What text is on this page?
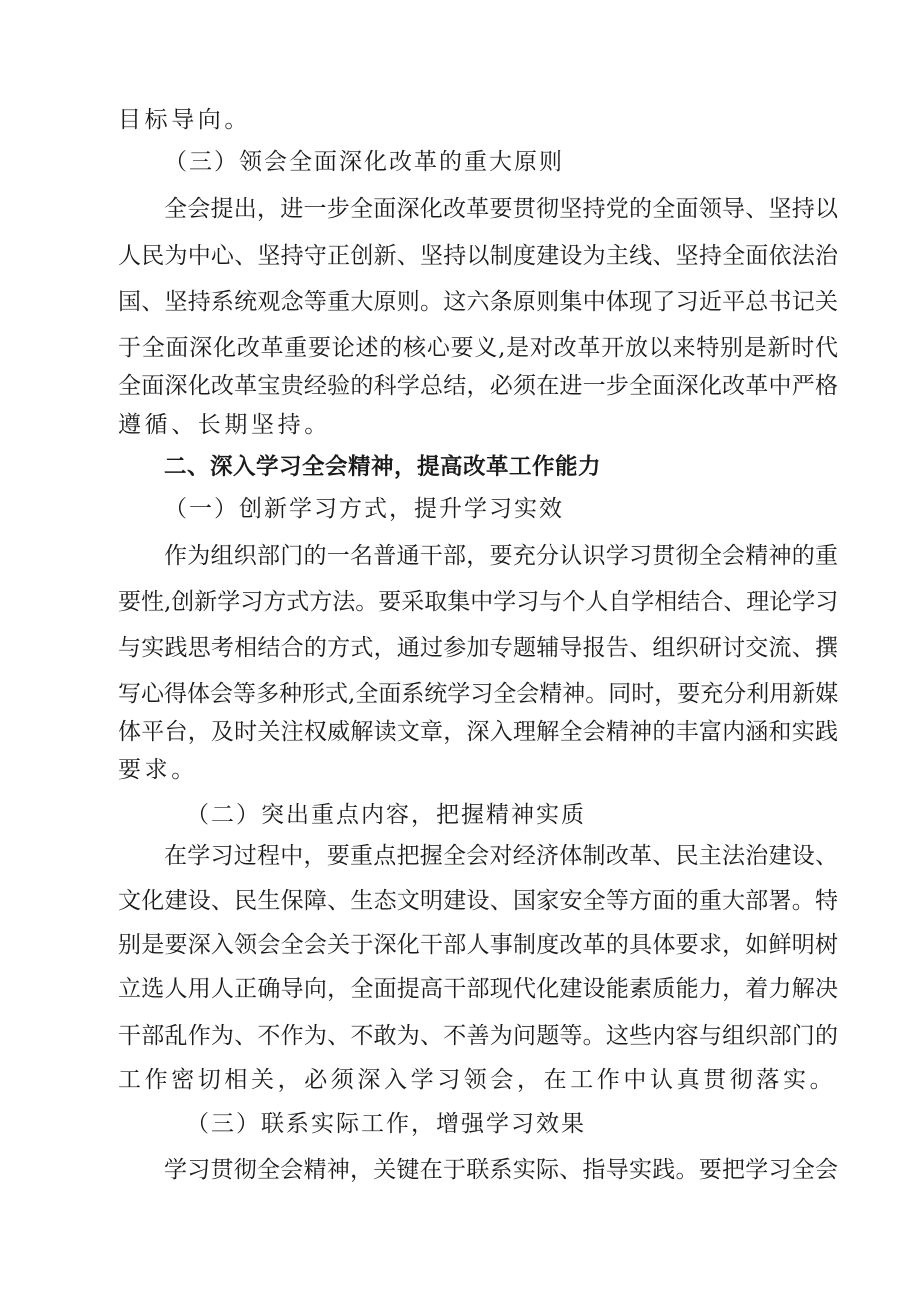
目标导向。
（三）领会全面深化改革的重大原则
全会提出，进一步全面深化改革要贯彻坚持党的全面领导、坚持以
人民为中心、坚持守正创新、坚持以制度建设为主线、坚持全面依法治
国、坚持系统观念等重大原则。这六条原则集中体现了习近平总书记关
于全面深化改革重要论述的核心要义,是对改革开放以来特别是新时代
全面深化改革宝贵经验的科学总结，必须在进一步全面深化改革中严格
遵循、长期坚持。
二、深入学习全会精神，提高改革工作能力
（一）创新学习方式，提升学习实效
作为组织部门的一名普通干部，要充分认识学习贯彻全会精神的重
要性,创新学习方式方法。要采取集中学习与个人自学相结合、理论学习
与实践思考相结合的方式，通过参加专题辅导报告、组织研讨交流、撰
写心得体会等多种形式,全面系统学习全会精神。同时，要充分利用新媒
体平台，及时关注权威解读文章，深入理解全会精神的丰富内涵和实践
要求。
（二）突出重点内容，把握精神实质
在学习过程中，要重点把握全会对经济体制改革、民主法治建设、
文化建设、民生保障、生态文明建设、国家安全等方面的重大部署。特
别是要深入领会全会关于深化干部人事制度改革的具体要求，如鲜明树
立选人用人正确导向，全面提高干部现代化建设能素质能力，着力解决
干部乱作为、不作为、不敢为、不善为问题等。这些内容与组织部门的
工作密切相关，必须深入学习领会，在工作中认真贯彻落实。
（三）联系实际工作，增强学习效果
学习贯彻全会精神，关键在于联系实际、指导实践。要把学习全会
